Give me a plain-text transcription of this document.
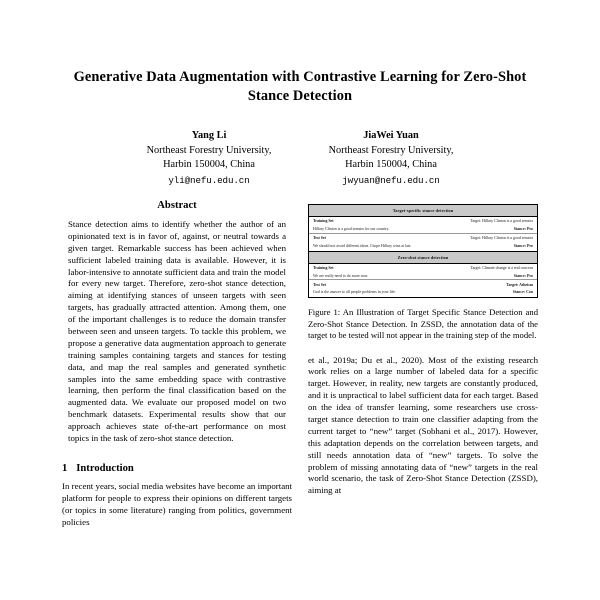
Generative Data Augmentation with Contrastive Learning for Zero-Shot Stance Detection
Yang Li
Northeast Forestry University,
Harbin 150004, China
yli@nefu.edu.cn
JiaWei Yuan
Northeast Forestry University,
Harbin 150004, China
jwyuan@nefu.edu.cn
Abstract

Stance detection aims to identify whether the author of an opinionated text is in favor of, against, or neutral towards a given target. Remarkable success has been achieved when sufficient labeled training data is available. However, it is labor-intensive to annotate sufficient data and train the model for every new target. Therefore, zero-shot stance detection, aiming at identifying stances of unseen targets with seen targets, has gradually attracted attention. Among them, one of the important challenges is to reduce the domain transfer between seen and unseen targets. To tackle this problem, we propose a generative data augmentation approach to generate training samples containing targets and stances for testing data, and map the real samples and generated synthetic samples into the same embedding space with contrastive learning, then perform the final classification based on the augmented data. We evaluate our proposed model on two benchmark datasets. Experimental results show that our approach achieves state of-the-art performance on most topics in the task of zero-shot stance detection.

1 Introduction

In recent years, social media websites have become an important platform for people to express their opinions on different targets (or topics in some literature) ranging from politics, government policies

Target-specific stance detection
Training Set	Target: Hillary Clinton is a good senator
Hillary Clinton is a good senator for our country.	Stance: Pro
Test Set	Target: Hillary Clinton is a good senator
We should not avoid different ideas. I hope Hillary wins at last.	Stance: Pro
Zero-shot stance detection
Training Set	Target: Climate change is a real concern
We are really need to do more now.	Stance: Pro
Test Set	Target: Atheism
God is the answer to all people problems in your life.	Stance: Con

Figure 1: An Illustration of Target Specific Stance Detection and Zero-Shot Stance Detection. In ZSSD, the annotation data of the target to be tested will not appear in the training step of the model.

et al., 2019a; Du et al., 2020). Most of the existing research work relies on a large number of labeled data for a specific target. However, in reality, new targets are constantly produced, and it is unpractical to label sufficient data for each target. Based on the idea of transfer learning, some researchers use cross-target stance detection to train one classifier adapting from the current target to “new” target (Sobhani et al., 2017). However, this adaptation depends on the correlation between targets, and still needs annotation data of “new” targets. To solve the problem of missing annotating data of “new” targets in the real world scenario, the task of Zero-Shot Stance Detection (ZSSD), aiming at
